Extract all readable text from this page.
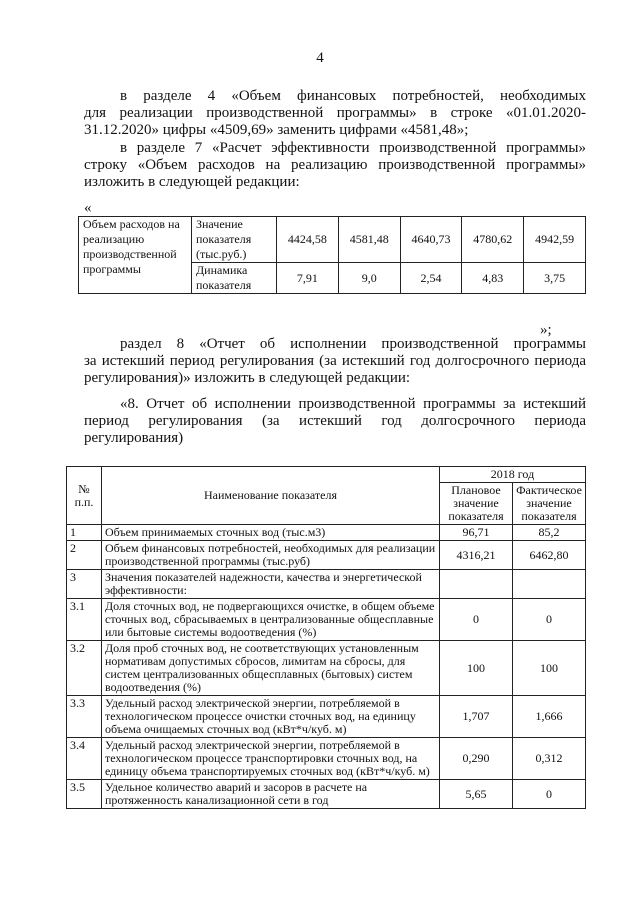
4
в разделе 4 «Объем финансовых потребностей, необходимых
для реализации производственной программы» в строке «01.01.2020-
31.12.2020» цифры «4509,69» заменить цифрами «4581,48»;
в разделе 7 «Расчет эффективности производственной программы»
строку «Объем расходов на реализацию производственной программы»
изложить в следующей редакции:
«
Объем расходов на реализацию производственной программы	Значение показателя (тыс.руб.)	4424,58	4581,48	4640,73	4780,62	4942,59
	Динамика показателя	7,91	9,0	2,54	4,83	3,75
»;
раздел 8 «Отчет об исполнении производственной программы
за истекший период регулирования (за истекший год долгосрочного периода
регулирования)» изложить в следующей редакции:
«8. Отчет об исполнении производственной программы за истекший
период регулирования (за истекший год долгосрочного периода
регулирования)
№ п.п.	Наименование показателя	2018 год	
		Плановое значение показателя	Фактическое значение показателя
1	Объем принимаемых сточных вод (тыс.м3)	96,71	85,2
2	Объем финансовых потребностей, необходимых для реализации производственной программы (тыс.руб)	4316,21	6462,80
3	Значения показателей надежности, качества и энергетической эффективности:		
3.1	Доля сточных вод, не подвергающихся очистке, в общем объеме сточных вод, сбрасываемых в централизованные общесплавные или бытовые системы водоотведения (%)	0	0
3.2	Доля проб сточных вод, не соответствующих установленным нормативам допустимых сбросов, лимитам на сбросы, для систем централизованных общесплавных (бытовых) систем водоотведения (%)	100	100
3.3	Удельный расход электрической энергии, потребляемой в технологическом процессе очистки сточных вод, на единицу объема очищаемых сточных вод (кВт*ч/куб. м)	1,707	1,666
3.4	Удельный расход электрической энергии, потребляемой в технологическом процессе транспортировки сточных вод, на единицу объема транспортируемых сточных вод (кВт*ч/куб. м)	0,290	0,312
3.5	Удельное количество аварий и засоров в расчете на протяженность канализационной сети в год	5,65	0
